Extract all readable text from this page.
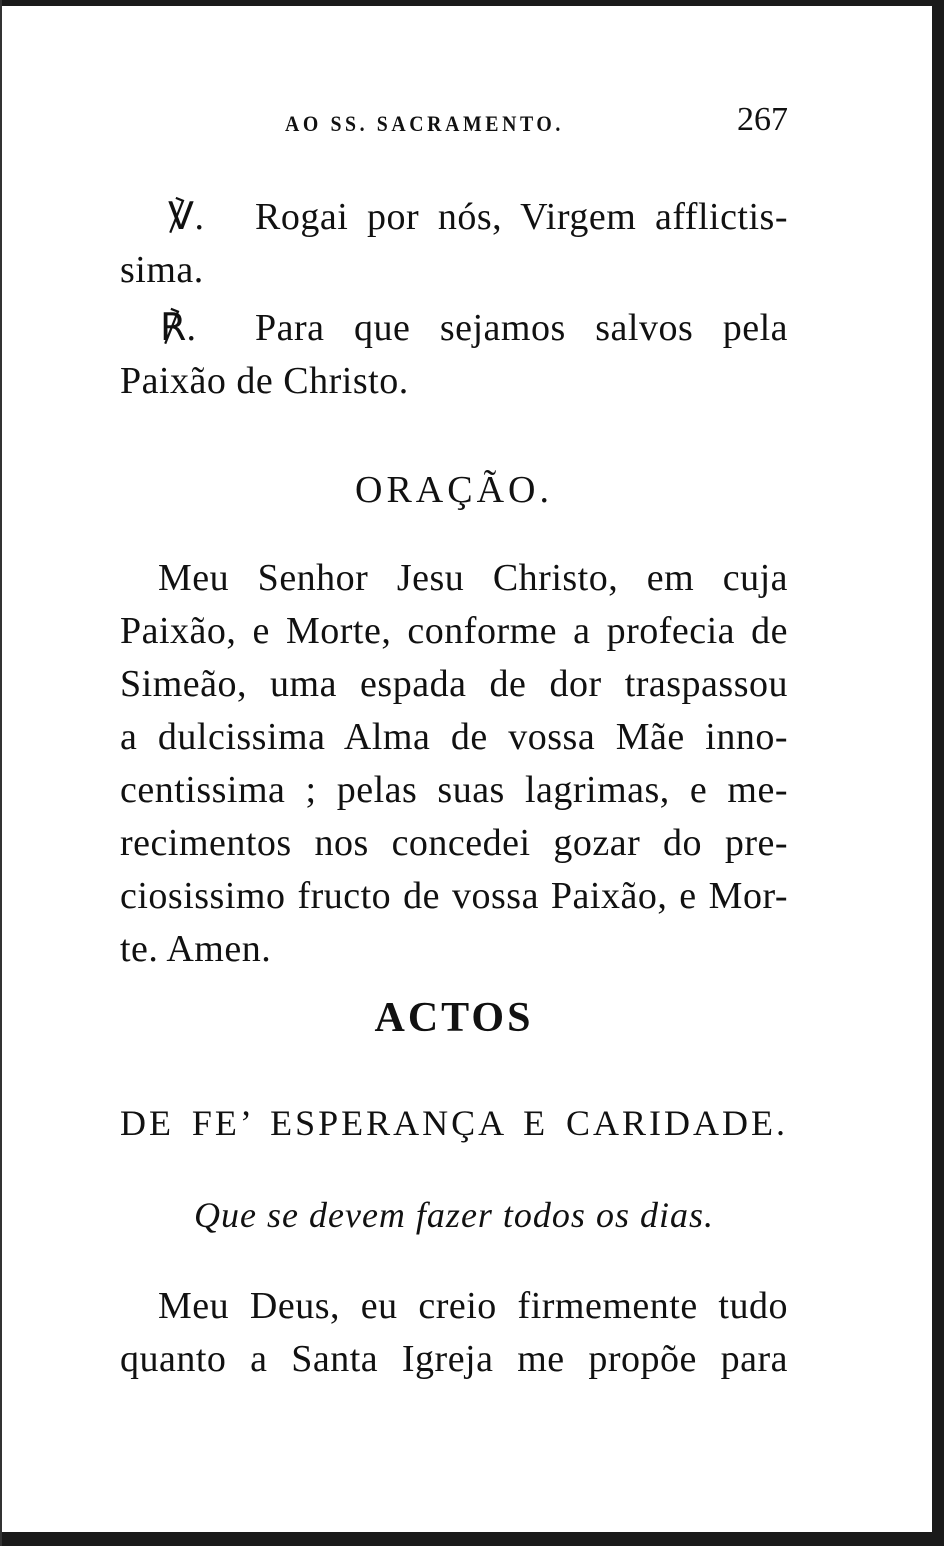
AO SS. SACRAMENTO.	267

℣. Rogai por nós, Virgem afflictis-

sima.

℟. Para que sejamos salvos pela

Paixão de Christo.

ORAÇÃO.

Meu Senhor Jesu Christo, em cuja

Paixão, e Morte, conforme a profecia de

Simeão, uma espada de dor traspassou

a dulcissima Alma de vossa Mãe inno-

centissima ; pelas suas lagrimas, e me-

recimentos nos concedei gozar do pre-

ciosissimo fructo de vossa Paixão, e Mor-

te. Amen.

ACTOS
DE FE’ ESPERANÇA E CARIDADE.
Que se devem fazer todos os dias.

Meu Deus, eu creio firmemente tudo

quanto a Santa Igreja me propõe para
